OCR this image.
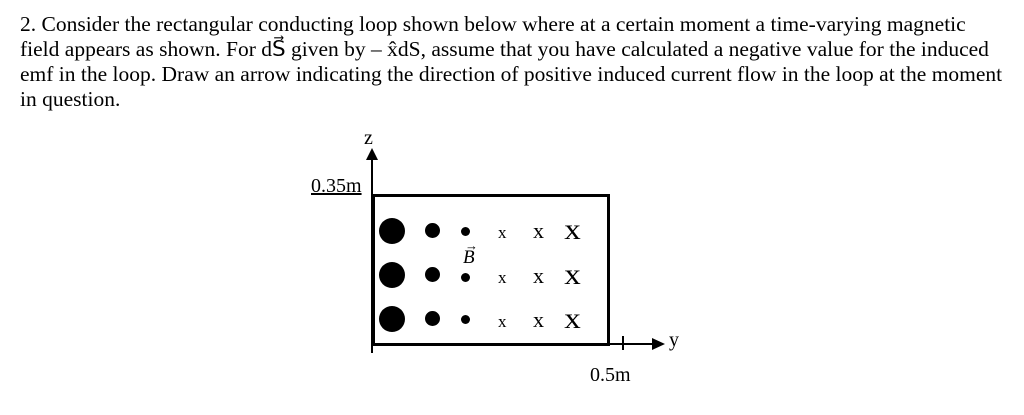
2. Consider the rectangular conducting loop shown below where at a certain moment a time-varying magnetic field appears as shown. For dS⃗ given by – x̂dS, assume that you have calculated a negative value for the induced emf in the loop. Draw an arrow indicating the direction of positive induced current flow in the loop at the moment in question.

z
y
0.35m
0.5m
x x x
x x x
x x x
→
B
